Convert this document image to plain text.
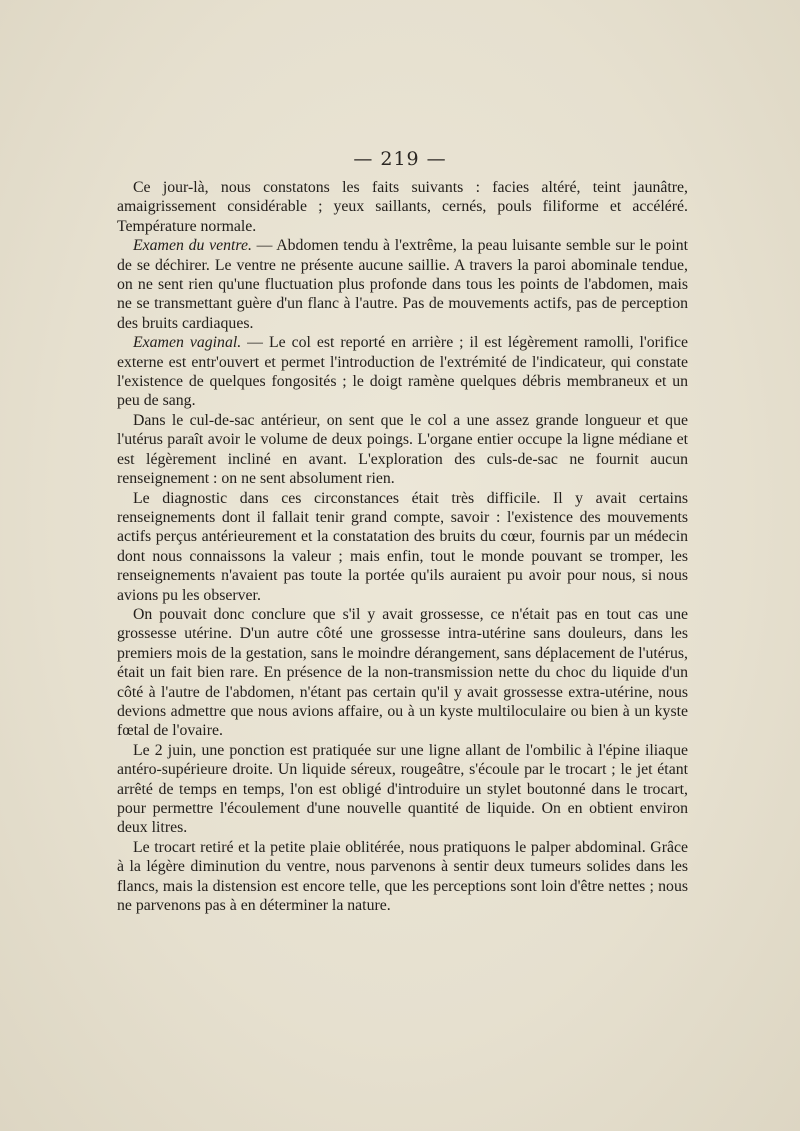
— 219 —

Ce jour-là, nous constatons les faits suivants : facies altéré, teint jaunâtre, amaigrissement considérable ; yeux saillants, cernés, pouls filiforme et accéléré. Température normale.

Examen du ventre. — Abdomen tendu à l'extrême, la peau luisante semble sur le point de se déchirer. Le ventre ne présente aucune saillie. A travers la paroi abominale tendue, on ne sent rien qu'une fluctuation plus profonde dans tous les points de l'abdomen, mais ne se transmettant guère d'un flanc à l'autre. Pas de mouvements actifs, pas de perception des bruits cardiaques.

Examen vaginal. — Le col est reporté en arrière ; il est légèrement ramolli, l'orifice externe est entr'ouvert et permet l'introduction de l'extrémité de l'indicateur, qui constate l'existence de quelques fongosités ; le doigt ramène quelques débris membraneux et un peu de sang.

Dans le cul-de-sac antérieur, on sent que le col a une assez grande longueur et que l'utérus paraît avoir le volume de deux poings. L'organe entier occupe la ligne médiane et est légèrement incliné en avant. L'exploration des culs-de-sac ne fournit aucun renseignement : on ne sent absolument rien.

Le diagnostic dans ces circonstances était très difficile. Il y avait certains renseignements dont il fallait tenir grand compte, savoir : l'existence des mouvements actifs perçus antérieurement et la constatation des bruits du cœur, fournis par un médecin dont nous connaissons la valeur ; mais enfin, tout le monde pouvant se tromper, les renseignements n'avaient pas toute la portée qu'ils auraient pu avoir pour nous, si nous avions pu les observer.

On pouvait donc conclure que s'il y avait grossesse, ce n'était pas en tout cas une grossesse utérine. D'un autre côté une grossesse intra-utérine sans douleurs, dans les premiers mois de la gestation, sans le moindre dérangement, sans déplacement de l'utérus, était un fait bien rare. En présence de la non-transmission nette du choc du liquide d'un côté à l'autre de l'abdomen, n'étant pas certain qu'il y avait grossesse extra-utérine, nous devions admettre que nous avions affaire, ou à un kyste multiloculaire ou bien à un kyste fœtal de l'ovaire.

Le 2 juin, une ponction est pratiquée sur une ligne allant de l'ombilic à l'épine iliaque antéro-supérieure droite. Un liquide séreux, rougeâtre, s'écoule par le trocart ; le jet étant arrêté de temps en temps, l'on est obligé d'introduire un stylet boutonné dans le trocart, pour permettre l'écoulement d'une nouvelle quantité de liquide. On en obtient environ deux litres.

Le trocart retiré et la petite plaie oblitérée, nous pratiquons le palper abdominal. Grâce à la légère diminution du ventre, nous parvenons à sentir deux tumeurs solides dans les flancs, mais la distension est encore telle, que les perceptions sont loin d'être nettes ; nous ne parvenons pas à en déterminer la nature.
